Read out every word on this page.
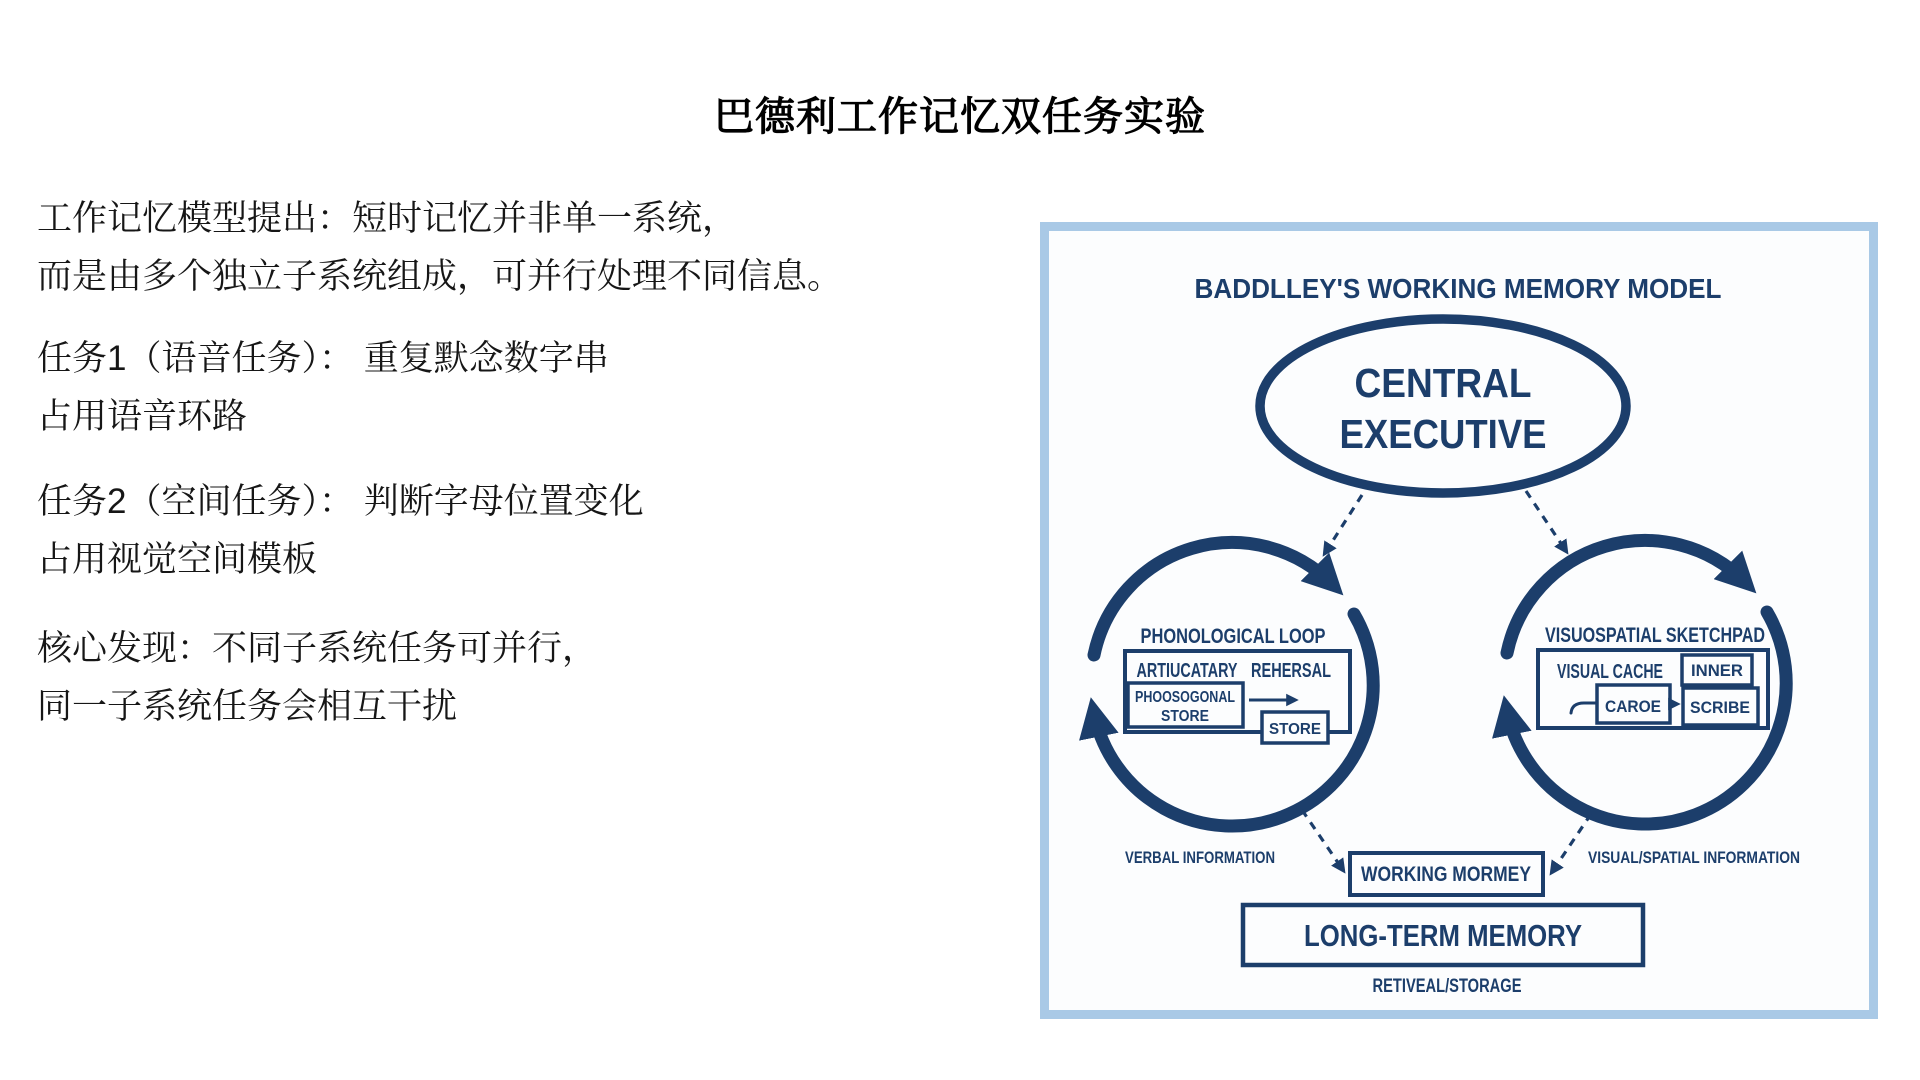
巴德利工作记忆双任务实验
工作记忆模型提出：短时记忆并非单一系统，
而是由多个独立子系统组成，可并行处理不同信息。
任务1（语音任务）： 重复默念数字串
占用语音环路
任务2（空间任务）： 判断字母位置变化
占用视觉空间模板
核心发现：不同子系统任务可并行，
同一子系统任务会相互干扰
BADDLLEY'S WORKING MEMORY MODEL
CENTRAL
EXECUTIVE
PHONOLOGICAL LOOP
ARTIUCATARY REHERSAL
PHOOSOGONAL
STORE
STORE
VISUOSPATIAL SKETCHPAD
VISUAL CACHE INNER
CAROE SCRIBE
VERBAL INFORMATION	VISUAL/SPATIAL INFORMATION
WORKING MORMEY
LONG-TERM MEMORY
RETIVEAL/STORAGE
